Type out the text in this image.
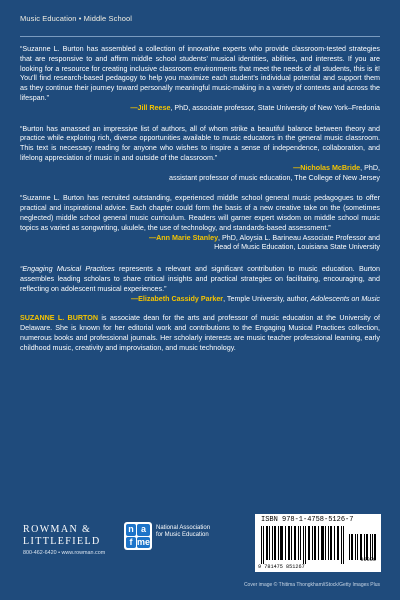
Music Education • Middle School

“Suzanne L. Burton has assembled a collection of innovative experts who provide classroom-tested strategies that are responsive to and affirm middle school students’ musical identities, abilities, and interests. If you are looking for a resource for creating inclusive classroom environments that meet the needs of all students, this is it! You’ll find research-based pedagogy to help you maximize each student’s individual potential and support them as they continue their journey toward personally meaningful music-making in a variety of contexts and across the lifespan.”

—Jill Reese, PhD, associate professor, State University of New York–Fredonia

“Burton has amassed an impressive list of authors, all of whom strike a beautiful balance between theory and practice while exploring rich, diverse opportunities available to music educators in the general music classroom. This text is necessary reading for anyone who wishes to inspire a sense of independence, collaboration, and lifelong appreciation of music in and outside of the classroom.”

—Nicholas McBride, PhD,

assistant professor of music education, The College of New Jersey

“Suzanne L. Burton has recruited outstanding, experienced middle school general music pedagogues to offer practical and inspirational advice. Each chapter could form the basis of a new creative take on the (sometimes neglected) middle school general music curriculum. Readers will garner expert wisdom on middle school music topics as varied as songwriting, ukulele, the use of technology, and standards-based assessment.”

—Ann Marie Stanley, PhD, Aloysia L. Barineau Associate Professor and

Head of Music Education, Louisiana State University

“Engaging Musical Practices represents a relevant and significant contribution to music education. Burton assembles leading scholars to share critical insights and practical strategies on facilitating, encouraging, and reflecting on adolescent musical experiences.”

—Elizabeth Cassidy Parker, Temple University, author, Adolescents on Music

SUZANNE L. BURTON is associate dean for the arts and professor of music education at the University of Delaware. She is known for her editorial work and contributions to the Engaging Musical Practices collection, numerous books and professional journals. Her scholarly interests are music teacher professional learning, early childhood music, creativity and improvisation, and music technology.

ROWMAN &
LITTLEFIELD
800-462-6420 • www.rowman.com
n a
f me
National Association
for Music Education
ISBN 978-1-4758-5126-7
9 781475 851267
90000
Cover image © Thitima Thongkham/iStock/Getty Images Plus
